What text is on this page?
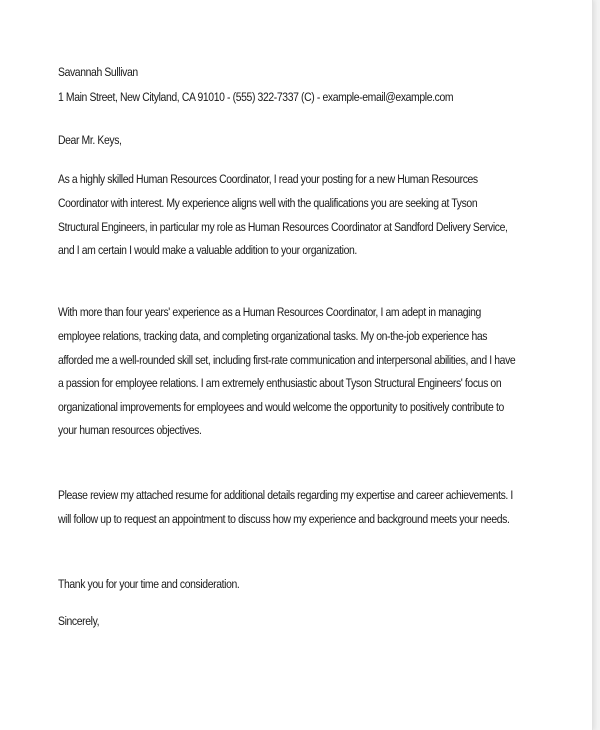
Savannah Sullivan
1 Main Street, New Cityland, CA 91010 - (555) 322-7337 (C) - example-email@example.com
Dear Mr. Keys,
As a highly skilled Human Resources Coordinator, I read your posting for a new Human Resources
Coordinator with interest. My experience aligns well with the qualifications you are seeking at Tyson
Structural Engineers, in particular my role as Human Resources Coordinator at Sandford Delivery Service,
and I am certain I would make a valuable addition to your organization.
With more than four years' experience as a Human Resources Coordinator, I am adept in managing
employee relations, tracking data, and completing organizational tasks. My on-the-job experience has
afforded me a well-rounded skill set, including first-rate communication and interpersonal abilities, and I have
a passion for employee relations. I am extremely enthusiastic about Tyson Structural Engineers' focus on
organizational improvements for employees and would welcome the opportunity to positively contribute to
your human resources objectives.
Please review my attached resume for additional details regarding my expertise and career achievements. I
will follow up to request an appointment to discuss how my experience and background meets your needs.
Thank you for your time and consideration.
Sincerely,
